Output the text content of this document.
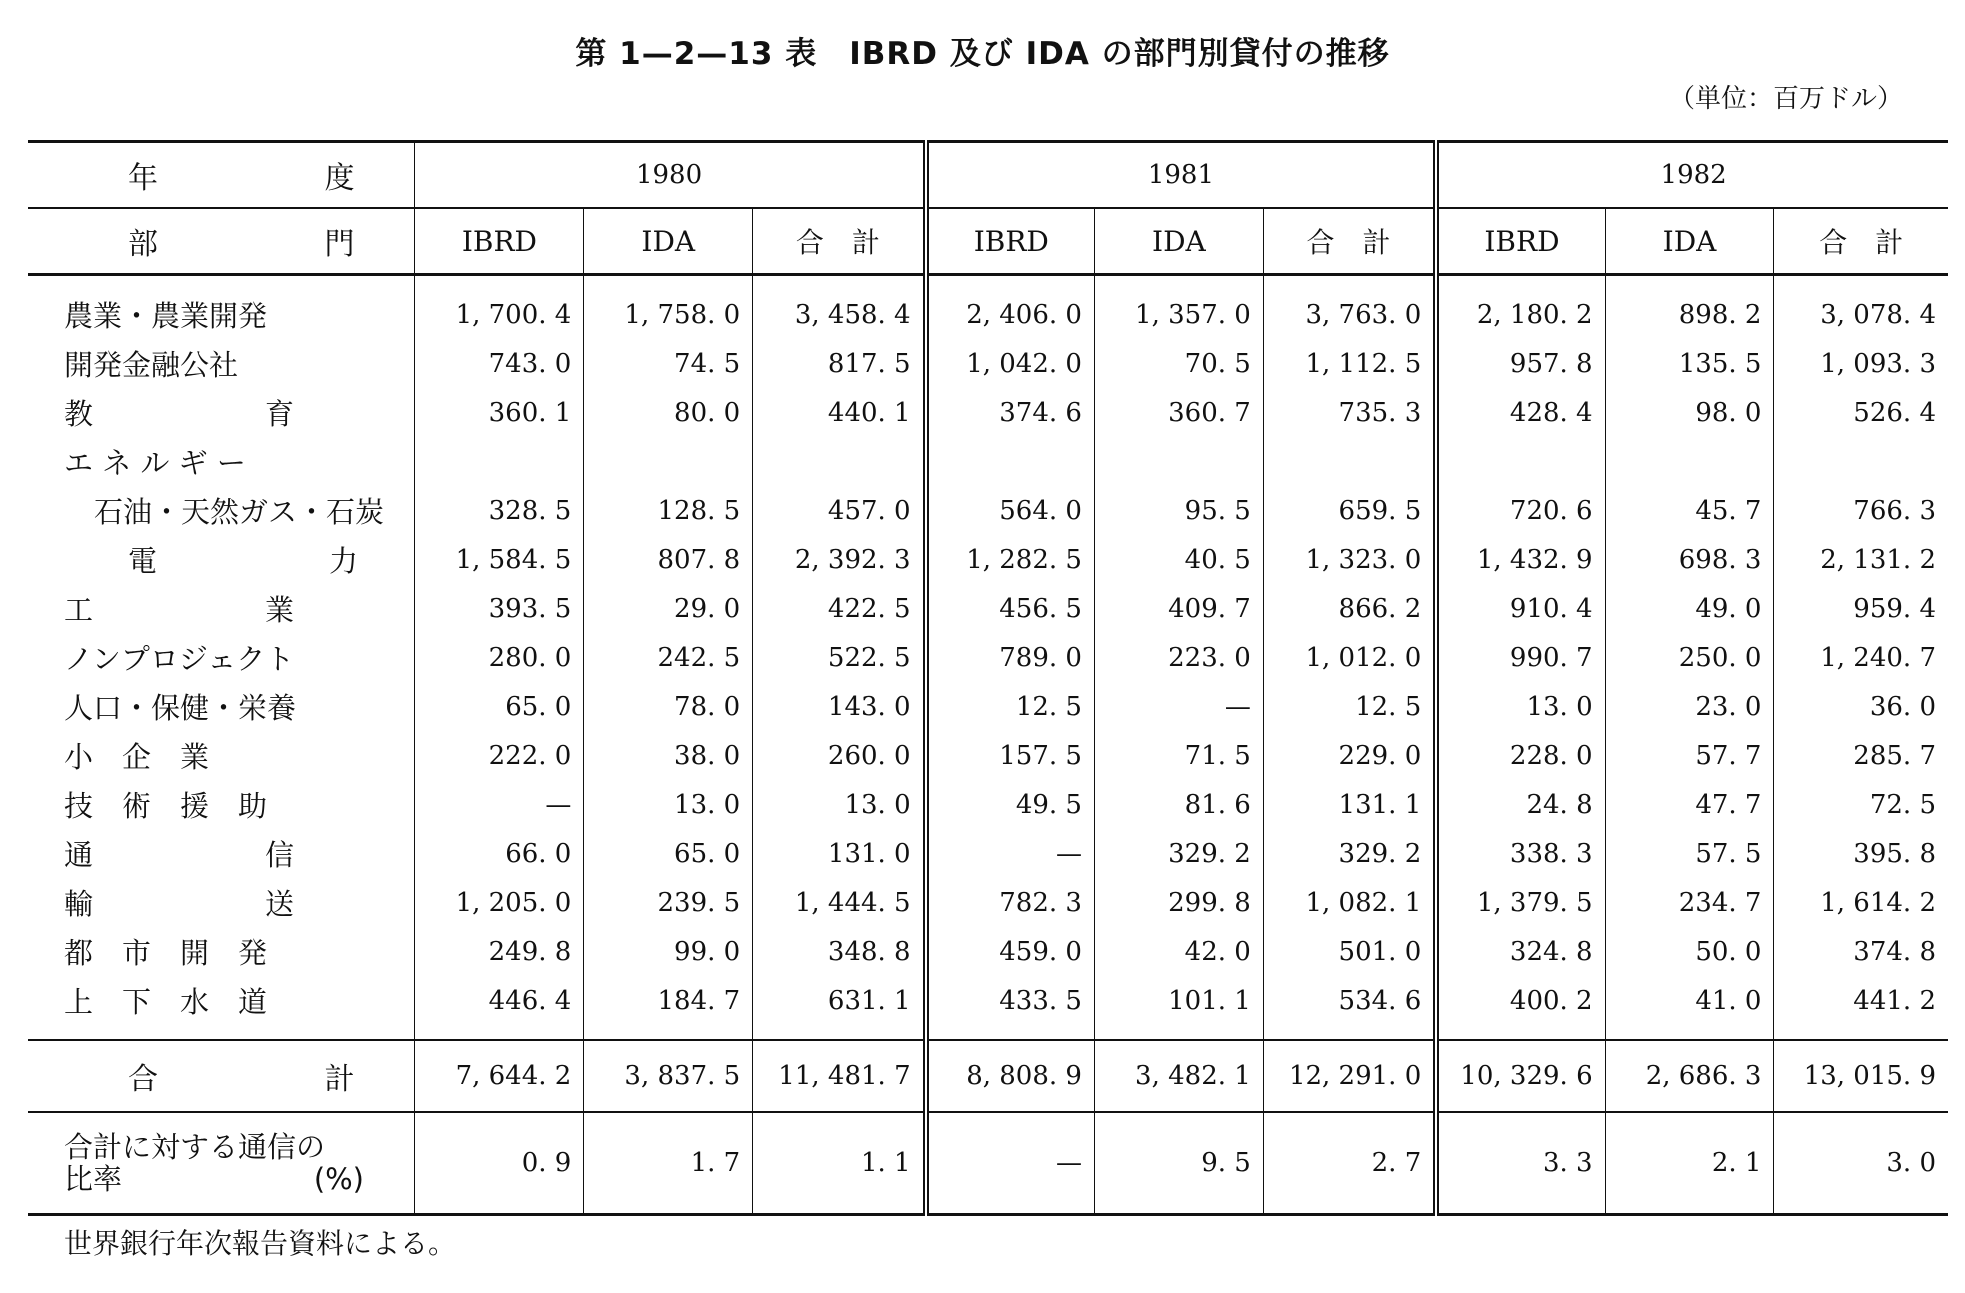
第 1—2—13 表　IBRD 及び IDA の部門別貸付の推移
（単位：百万ドル）
年 度	1980			1981			1982		

部 門	IBRD	IDA	合　計	IBRD	IDA	合　計	IBRD	IDA	合　計
農業・農業開発	1, 700. 4	1, 758. 0	3, 458. 4	2, 406. 0	1, 357. 0	3, 763. 0	2, 180. 2	898. 2	3, 078. 4
開発金融公社	743. 0	74. 5	817. 5	1, 042. 0	70. 5	1, 112. 5	957. 8	135. 5	1, 093. 3

教 育	360. 1	80. 0	440. 1	374. 6	360. 7	735. 3	428. 4	98. 0	526. 4
エ ネ ル ギ ー									
石油・天然ガス・石炭	328. 5	128. 5	457. 0	564. 0	95. 5	659. 5	720. 6	45. 7	766. 3

電 力	1, 584. 5	807. 8	2, 392. 3	1, 282. 5	40. 5	1, 323. 0	1, 432. 9	698. 3	2, 131. 2

工 業	393. 5	29. 0	422. 5	456. 5	409. 7	866. 2	910. 4	49. 0	959. 4
ノンプロジェクト	280. 0	242. 5	522. 5	789. 0	223. 0	1, 012. 0	990. 7	250. 0	1, 240. 7
人口・保健・栄養	65. 0	78. 0	143. 0	12. 5	—	12. 5	13. 0	23. 0	36. 0
小　企　業	222. 0	38. 0	260. 0	157. 5	71. 5	229. 0	228. 0	57. 7	285. 7
技　術　援　助	—	13. 0	13. 0	49. 5	81. 6	131. 1	24. 8	47. 7	72. 5

通 信	66. 0	65. 0	131. 0	—	329. 2	329. 2	338. 3	57. 5	395. 8

輸 送	1, 205. 0	239. 5	1, 444. 5	782. 3	299. 8	1, 082. 1	1, 379. 5	234. 7	1, 614. 2
都　市　開　発	249. 8	99. 0	348. 8	459. 0	42. 0	501. 0	324. 8	50. 0	374. 8
上　下　水　道	446. 4	184. 7	631. 1	433. 5	101. 1	534. 6	400. 2	41. 0	441. 2

合 計	7, 644. 2	3, 837. 5	11, 481. 7	8, 808. 9	3, 482. 1	12, 291. 0	10, 329. 6	2, 686. 3	13, 015. 9

合計に対する通信の
比率 (%)	0. 9	1. 7	1. 1	—	9. 5	2. 7	3. 3	2. 1	3. 0
世界銀行年次報告資料による。
